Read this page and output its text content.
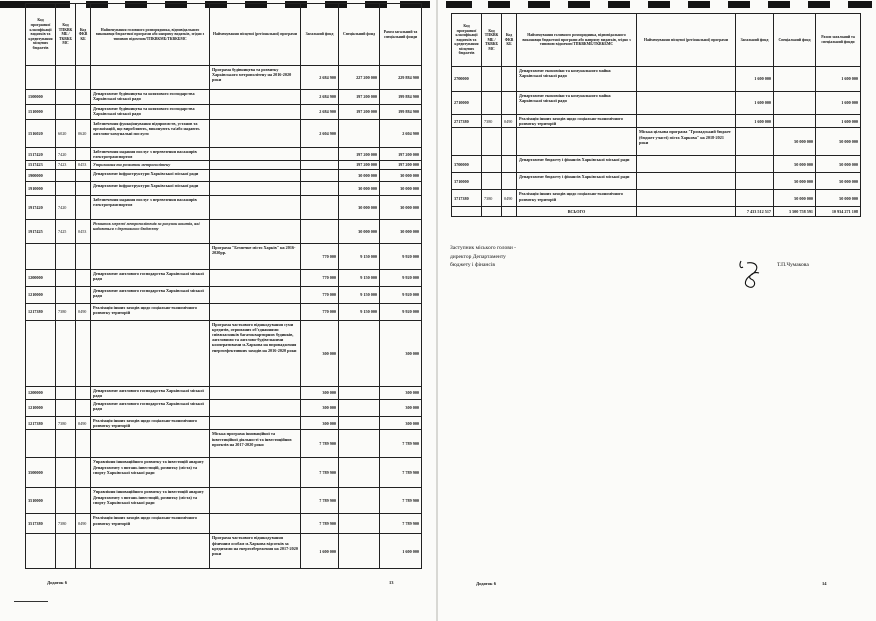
Код програмної класифікації видатків та кредитування місцевих бюджетів	Код ТПКВКМБ / ТКВКБМС	Код ФКВКБ	Найменування головного розпорядника, відповідального виконавця бюджетної програми або напряму видатків, згідно з типовою відомчою/ТПКВКМБ/ТКВКБМС	Найменування місцевої (регіональної) програми	Загальний фонд	Спеціальний фонд	Разом загальний та спеціальний фонди
				Програма будівництва та розвитку Харківського метрополітену на 2016-2020 роки	2 684 900	227 200 000	229 884 900
1500000			Департамент будівництва та шляхового господарства Харківської міської ради		2 684 900	197 200 000	199 884 900
1510000			Департамент будівництва та шляхового господарства Харківської міської ради		2 684 900	197 200 000	199 884 900
1516020	6020	0620	Забезпечення функціонування підприємств, установ та організацій, що виробляють, виконують та/або надають житлово-комунальні послуги		2 604 900		2 604 900
1517420	7420		Забезпечення надання послуг з перевезення пасажирів електротранспортом			197 200 000	197 200 000
1517423	7423	0453	Утримання та розвиток метрополітену			197 200 000	197 200 000
1900000			Департамент інфраструктури Харківської міської ради			30 000 000	30 000 000
1910000			Департамент інфраструктури Харківської міської ради			30 000 000	30 000 000
1917420	7420		Забезпечення надання послуг з перевезення пасажирів електротранспортом			30 000 000	30 000 000
1917425	7425	0453	Розвиток мережі метрополітенів за рахунок коштів, які надаються з державного бюджету			30 000 000	30 000 000
				Програма "Безпечне місто Харків" на 2016-2020рр.	770 000	9 150 000	9 920 000
1200000			Департамент житлового господарства Харківської міської ради		770 000	9 150 000	9 920 000
1210000			Департамент житлового господарства Харківської міської ради		770 000	9 150 000	9 920 000
1217380	7380	0490	Реалізація інших заходів щодо соціально-економічного розвитку територій		770 000	9 150 000	9 920 000
				Програма часткового відшкодування суми кредитів, отриманих об'єднаннями співвласників багатоквартирних будинків, житловими та житлово-будівельними кооперативами м.Харкова на впровадження енергоефективних заходів на 2016-2020 роки	300 000		300 000
1200000			Департамент житлового господарства Харківської міської ради		300 000		300 000
1210000			Департамент житлового господарства Харківської міської ради		300 000		300 000
1217380	7380	0490	Реалізація інших заходів щодо соціально-економічного розвитку територій		300 000		300 000
				Міська програма інноваційної та інвестиційної діяльності та інвестиційних проектів на 2017-2020 роки	7 789 900		7 789 900
3500000			Управління інноваційного розвитку та інвестицій апарату Департаменту з питань інвестицій, розвитку (міста) та спорту Харківської міської ради		7 789 900		7 789 900
3510000			Управління інноваційного розвитку та інвестицій апарату Департаменту з питань інвестицій, розвитку (міста) та спорту Харківської міської ради		7 789 900		7 789 900
3517380	7380	0490	Реалізація інших заходів щодо соціально-економічного розвитку територій		7 789 900		7 789 900
				Програма часткового відшкодування фізичним особам м.Харкова відсотків за кредитами на енергозбереження на 2017-2020 роки	1 600 000		1 600 000
Код програмної класифікації видатків та кредитування місцевих бюджетів	Код ТПКВКМБ / ТКВКБМС	Код ФКВКБ	Найменування головного розпорядника, відповідального виконавця бюджетної програми або напряму видатків, згідно з типовою відомчою/ТПКВКМБ/ТКВКБМС	Найменування місцевої (регіональної) програми	Загальний фонд	Спеціальний фонд	Разом загальний та спеціальний фонди
2700000			Департамент економіки та комунального майна Харківської міської ради		1 600 000		1 600 000
2710000			Департамент економіки та комунального майна Харківської міської ради		1 600 000		1 600 000
2717380	7380	0490	Реалізація інших заходів щодо соціально-економічного розвитку територій		1 600 000		1 600 000
				Міська цільова програма "Громадський бюджет (бюджет участі) міста Харкова" на 2018-2021 роки		50 000 000	50 000 000
3700000			Департамент бюджету і фінансів Харківської міської ради			50 000 000	50 000 000
3710000			Департамент бюджету і фінансів Харківської міської ради			50 000 000	50 000 000
3717380	7380	0490	Реалізація інших заходів щодо соціально-економічного розвитку територій			50 000 000	50 000 000
			ВСЬОГО		7 433 512 517	3 500 758 591	10 934 271 108
Заступник міського голови -
директор Департаменту
бюджету і фінансів	Т.П.Чумакова
Додаток 6	13	Додаток 6	14
